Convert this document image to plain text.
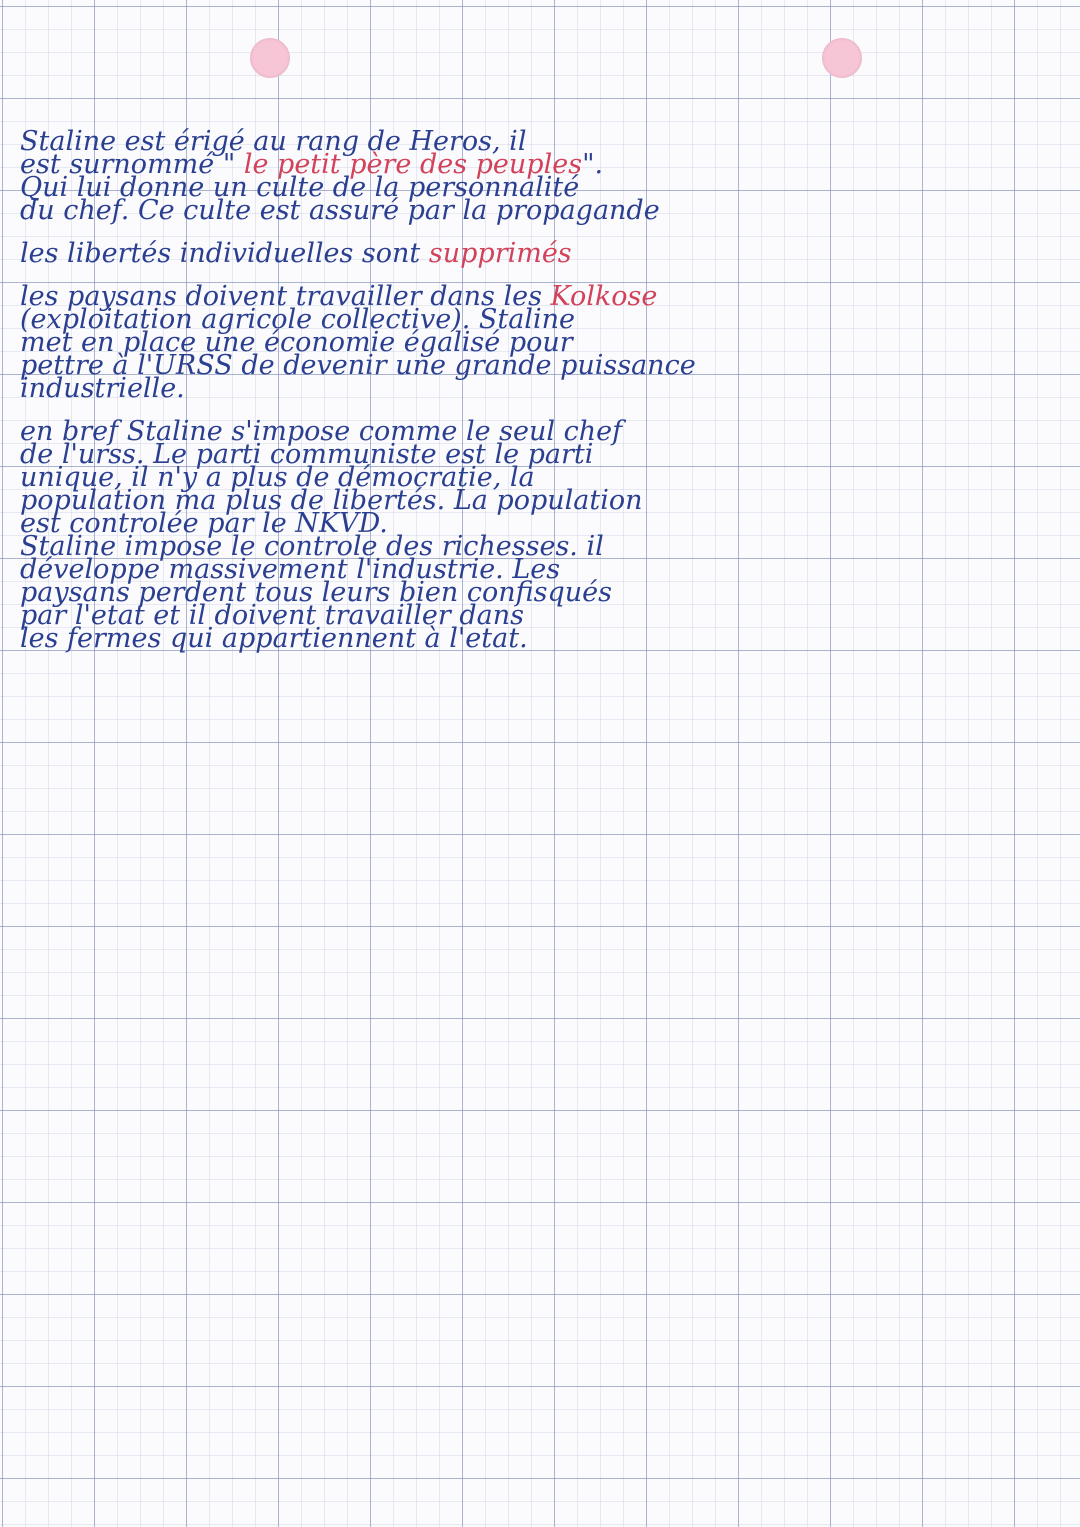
Staline est érigé au rang de Heros, il
est surnommé " le petit père des peuples".
Qui lui donne un culte de la personnalité
du chef. Ce culte est assuré par la propagande
les libertés individuelles sont supprimés
les paysans doivent travailler dans les Kolkose
(exploitation agricole collective). Staline
met en place une économie égalisé pour
pettre à l'URSS de devenir une grande puissance
industrielle.
en bref Staline s'impose comme le seul chef
de l'urss. Le parti communiste est le parti
unique, il n'y a plus de démocratie, la
population ma plus de libertés. La population
est controlée par le NKVD.
Staline impose le controle des richesses. il
développe massivement l'industrie. Les
paysans perdent tous leurs bien confisqués
par l'etat et il doivent travailler dans
les fermes qui appartiennent à l'etat.
